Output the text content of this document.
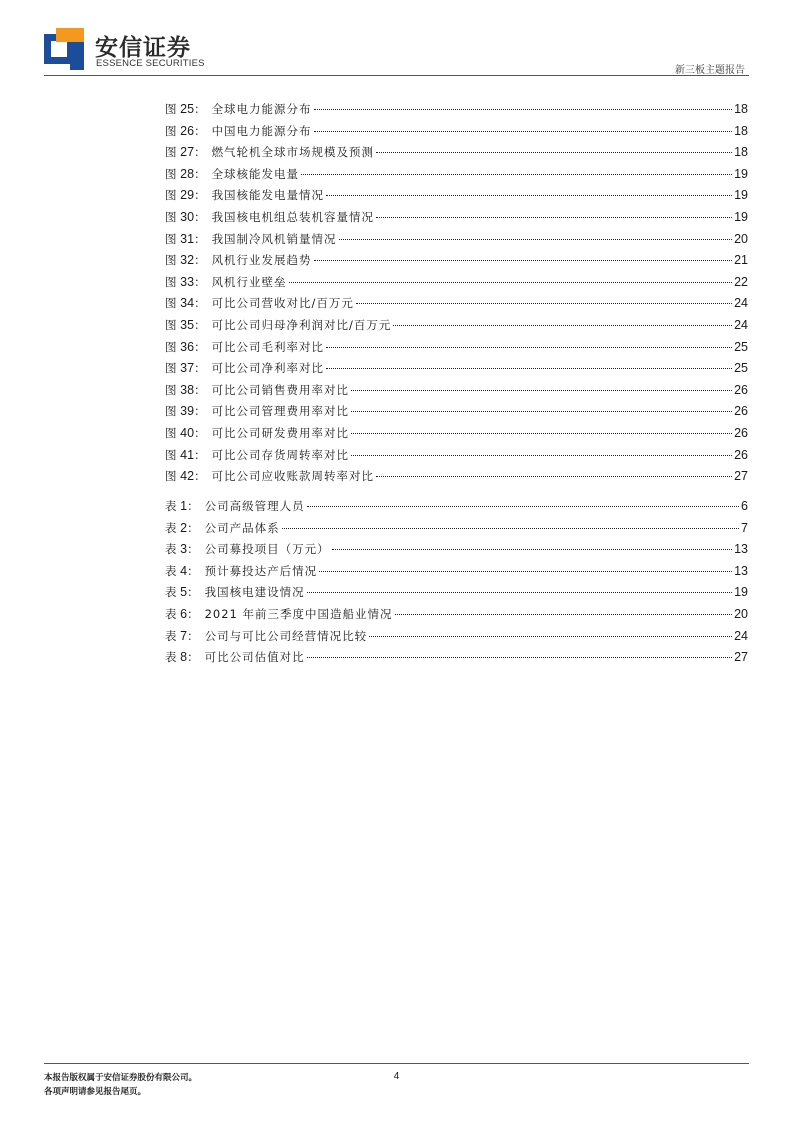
安信证券
ESSENCE SECURITIES
新三板主题报告
图 25： 全球电力能源分布	18
图 26： 中国电力能源分布	18
图 27： 燃气轮机全球市场规模及预测	18
图 28： 全球核能发电量	19
图 29： 我国核能发电量情况	19
图 30： 我国核电机组总装机容量情况	19
图 31： 我国制冷风机销量情况	20
图 32： 风机行业发展趋势	21
图 33： 风机行业壁垒	22
图 34： 可比公司营收对比/百万元	24
图 35： 可比公司归母净利润对比/百万元	24
图 36： 可比公司毛利率对比	25
图 37： 可比公司净利率对比	25
图 38： 可比公司销售费用率对比	26
图 39： 可比公司管理费用率对比	26
图 40： 可比公司研发费用率对比	26
图 41： 可比公司存货周转率对比	26
图 42： 可比公司应收账款周转率对比	27
表 1： 公司高级管理人员	6
表 2： 公司产品体系	7
表 3： 公司募投项目（万元）	13
表 4： 预计募投达产后情况	13
表 5： 我国核电建设情况	19
表 6： 2021 年前三季度中国造船业情况	20
表 7： 公司与可比公司经营情况比较	24
表 8： 可比公司估值对比	27
本报告版权属于安信证券股份有限公司。
各项声明请参见报告尾页。
4
